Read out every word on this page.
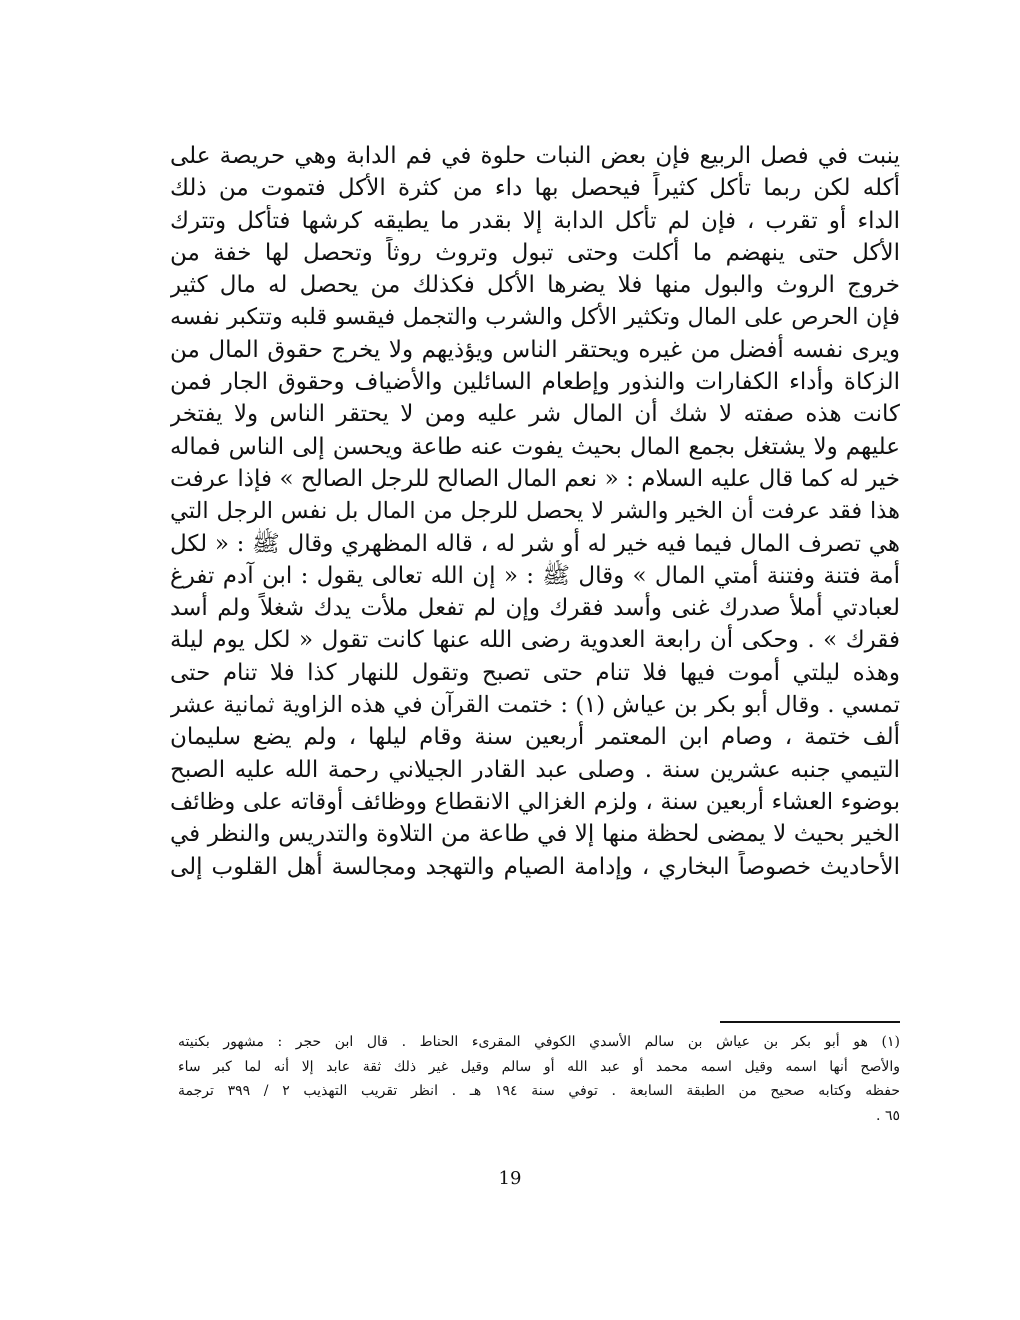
ينبت في فصل الربيع فإن بعض النبات حلوة في فم الدابة وهي حريصة على
أكله لكن ربما تأكل كثيراً فيحصل بها داء من كثرة الأكل فتموت من ذلك
الداء أو تقرب ، فإن لم تأكل الدابة إلا بقدر ما يطيقه كرشها فتأكل وتترك
الأكل حتى ينهضم ما أكلت وحتى تبول وتروث روثاً وتحصل لها خفة من
خروج الروث والبول منها فلا يضرها الأكل فكذلك من يحصل له مال كثير
فإن الحرص على المال وتكثير الأكل والشرب والتجمل فيقسو قلبه وتتكبر نفسه
ويرى نفسه أفضل من غيره ويحتقر الناس ويؤذيهم ولا يخرج حقوق المال من
الزكاة وأداء الكفارات والنذور وإطعام السائلين والأضياف وحقوق الجار فمن
كانت هذه صفته لا شك أن المال شر عليه ومن لا يحتقر الناس ولا يفتخر
عليهم ولا يشتغل بجمع المال بحيث يفوت عنه طاعة ويحسن إلى الناس فماله
خير له كما قال عليه السلام : « نعم المال الصالح للرجل الصالح » فإذا عرفت
هذا فقد عرفت أن الخير والشر لا يحصل للرجل من المال بل نفس الرجل التي
هي تصرف المال فيما فيه خير له أو شر له ، قاله المظهري وقال ﷺ : « لكل
أمة فتنة وفتنة أمتي المال » وقال ﷺ : « إن الله تعالى يقول : ابن آدم تفرغ
لعبادتي أملأ صدرك غنى وأسد فقرك وإن لم تفعل ملأت يدك شغلاً ولم أسد
فقرك » . وحكى أن رابعة العدوية رضى الله عنها كانت تقول « لكل يوم ليلة
وهذه ليلتي أموت فيها فلا تنام حتى تصبح وتقول للنهار كذا فلا تنام حتى
تمسي . وقال أبو بكر بن عياش (١) : ختمت القرآن في هذه الزاوية ثمانية عشر
ألف ختمة ، وصام ابن المعتمر أربعين سنة وقام ليلها ، ولم يضع سليمان
التيمي جنبه عشرين سنة . وصلى عبد القادر الجيلاني رحمة الله عليه الصبح
بوضوء العشاء أربعين سنة ، ولزم الغزالي الانقطاع ووظائف أوقاته على وظائف
الخير بحيث لا يمضى لحظة منها إلا في طاعة من التلاوة والتدريس والنظر في
الأحاديث خصوصاً البخاري ، وإدامة الصيام والتهجد ومجالسة أهل القلوب إلى
(١) هو أبو بكر بن عياش بن سالم الأسدي الكوفي المقرىء الحناط . قال ابن حجر : مشهور بكنيته
والأصح أنها اسمه وقيل اسمه محمد أو عبد الله أو سالم وقيل غير ذلك ثقة عابد إلا أنه لما كبر ساء
حفظه وكتابه صحيح من الطبقة السابعة . توفي سنة ١٩٤ هـ . انظر تقريب التهذيب ٢ / ٣٩٩ ترجمة
٦٥ .
19
